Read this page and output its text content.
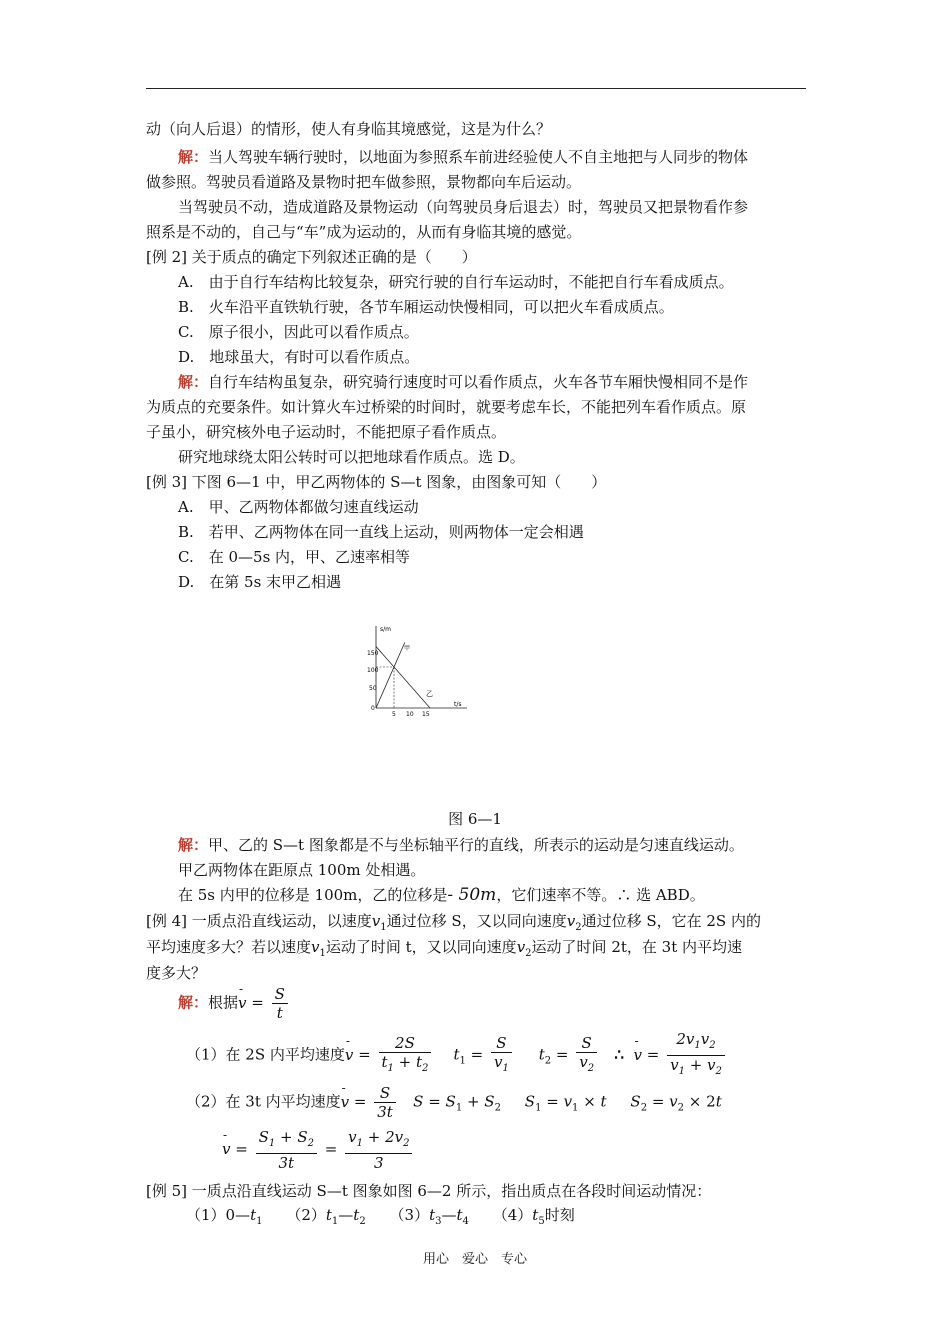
动（向人后退）的情形，使人有身临其境感觉，这是为什么？
解：当人驾驶车辆行驶时，以地面为参照系车前进经验使人不自主地把与人同步的物体
做参照。驾驶员看道路及景物时把车做参照，景物都向车后运动。
当驾驶员不动，造成道路及景物运动（向驾驶员身后退去）时，驾驶员又把景物看作参
照系是不动的，自己与“车”成为运动的，从而有身临其境的感觉。
[例 2] 关于质点的确定下列叙述正确的是（　　）
A.　由于自行车结构比较复杂，研究行驶的自行车运动时，不能把自行车看成质点。
B.　火车沿平直铁轨行驶，各节车厢运动快慢相同，可以把火车看成质点。
C.　原子很小，因此可以看作质点。
D.　地球虽大，有时可以看作质点。
解：自行车结构虽复杂，研究骑行速度时可以看作质点，火车各节车厢快慢相同不是作
为质点的充要条件。如计算火车过桥梁的时间时，就要考虑车长，不能把列车看作质点。原
子虽小，研究核外电子运动时，不能把原子看作质点。
研究地球绕太阳公转时可以把地球看作质点。选 D。
[例 3] 下图 6—1 中，甲乙两物体的 S—t 图象，由图象可知（　　）
A.　甲、乙两物体都做匀速直线运动
B.　若甲、乙两物体在同一直线上运动，则两物体一定会相遇
C.　在 0—5s 内，甲、乙速率相等
D.　在第 5s 末甲乙相遇
s/m
t/s
150
100
50
0
5 10 15
甲
乙
图 6—1
解：甲、乙的 S—t 图象都是不与坐标轴平行的直线，所表示的运动是匀速直线运动。
甲乙两物体在距原点 100m 处相遇。
在 5s 内甲的位移是 100m，乙的位移是- 50m，它们速率不等。∴ 选 ABD。
[例 4] 一质点沿直线运动，以速度$v_1$通过位移 S，又以同向速度$v_2$通过位移 S，它在 2S 内的
平均速度多大？若以速度$v_1$运动了时间 t，又以同向速度$v_2$运动了时间 2t，在 3t 内平均速
度多大？
解：根据- $v = \frac{S}{t}$
（1）在 2S 内平均速度- $v = \frac{2S}{t_1 + t_2} t_1 = \frac{S}{v_1} t_2 = \frac{S}{v_2}$ ∴  - $v = \frac{2v_1v_2}{v_1 + v_2}$
（2）在 3t 内平均速度- $v = \frac{S}{3t}$ $S = S_1 + S_2$ $S_1 = v_1 \times t$ $S_2 = v_2 \times 2t$
- $v = \frac{S_1 + S_2}{3t} = \frac{v_1 + 2v_2}{3}$
[例 5] 一质点沿直线运动 S—t 图象如图 6—2 所示，指出质点在各段时间运动情况：
$(1)0—t_1$ $(2)t_1—t_2$ $(3)t_3—t_4$ $(4)t_5$时刻
用心　爱心　专心
